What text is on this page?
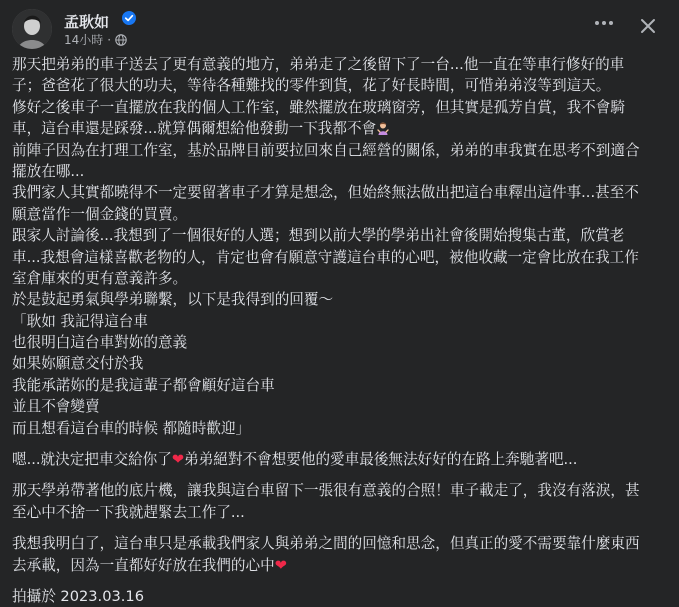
孟耿如
14小時 ·
那天把弟弟的車子送去了更有意義的地方，弟弟走了之後留下了一台...他一直在等車行修好的車
子；爸爸花了很大的功夫，等待各種難找的零件到貨，花了好長時間，可惜弟弟沒等到這天。
修好之後車子一直擺放在我的個人工作室，雖然擺放在玻璃窗旁，但其實是孤芳自賞，我不會騎
車，這台車還是踩發...就算偶爾想給他發動一下我都不會
前陣子因為在打理工作室，基於品牌目前要拉回來自己經營的關係，弟弟的車我實在思考不到適合
擺放在哪...
我們家人其實都曉得不一定要留著車子才算是想念，但始終無法做出把這台車釋出這件事...甚至不
願意當作一個金錢的買賣。
跟家人討論後...我想到了一個很好的人選；想到以前大學的學弟出社會後開始搜集古董，欣賞老
車...我想會這樣喜歡老物的人，肯定也會有願意守護這台車的心吧，被他收藏一定會比放在我工作
室倉庫來的更有意義許多。
於是鼓起勇氣與學弟聯繫，以下是我得到的回覆～
「耿如 我記得這台車
也很明白這台車對妳的意義
如果妳願意交付於我
我能承諾妳的是我這輩子都會顧好這台車
並且不會變賣
而且想看這台車的時候 都隨時歡迎」
嗯...就決定把車交給你了❤弟弟絕對不會想要他的愛車最後無法好好的在路上奔馳著吧...
那天學弟帶著他的底片機，讓我與這台車留下一張很有意義的合照！車子載走了，我沒有落淚，甚
至心中不捨一下我就趕緊去工作了...
我想我明白了，這台車只是承載我們家人與弟弟之間的回憶和思念，但真正的愛不需要靠什麼東西
去承載，因為一直都好好放在我們的心中❤
拍攝於 2023.03.16
